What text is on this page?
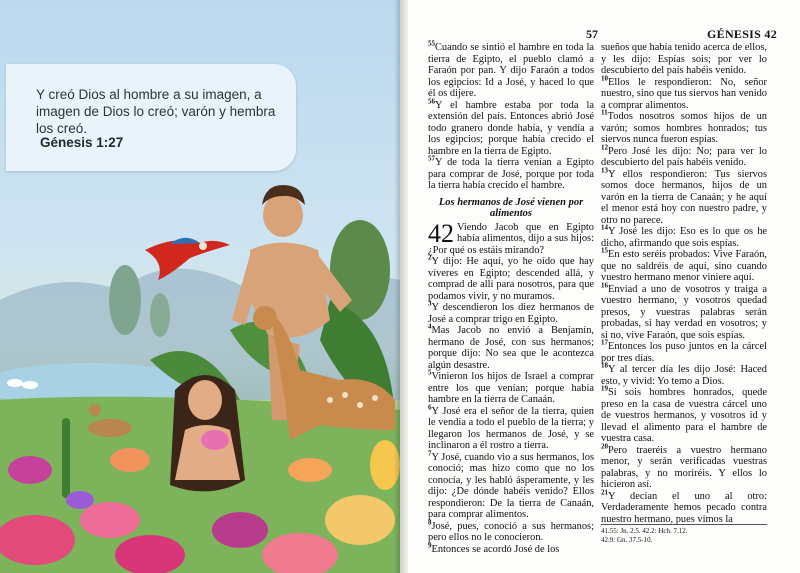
Y creó Dios al hombre a su imagen, a imagen de Dios lo creó; varón y hembra los creó.
Génesis 1:27
57	GÉNESIS 42

$^{55}$Cuando se sintió el hambre en toda la tierra de Egipto, el pueblo clamó a Faraón por pan. Y dijo Faraón a todos los egipcios: Id a José, y haced lo que él os dijere.

$^{56}$Y el hambre estaba por toda la extensión del país. Entonces abrió José todo granero donde había, y vendía a los egipcios; porque había crecido el hambre en la tierra de Egipto.

$^{57}$Y de toda la tierra venían a Egipto para comprar de José, porque por toda la tierra había crecido el hambre.

Los hermanos de José vienen por alimentos

42 Viendo Jacob que en Egipto había alimentos, dijo a sus hijos: ¿Por qué os estáis mirando?

$^2$Y dijo: He aquí, yo he oído que hay víveres en Egipto; descended allá, y comprad de allí para nosotros, para que podamos vivir, y no muramos.

$^3$Y descendieron los diez hermanos de José a comprar trigo en Egipto.

$^4$Mas Jacob no envió a Benjamín, hermano de José, con sus hermanos; porque dijo: No sea que le acontezca algún desastre.

$^5$Vinieron los hijos de Israel a comprar entre los que venían; porque había hambre en la tierra de Canaán.

$^6$Y José era el señor de la tierra, quien le vendía a todo el pueblo de la tierra; y llegaron los hermanos de José, y se inclinaron a él rostro a tierra.

$^7$Y José, cuando vio a sus hermanos, los conoció; mas hizo como que no los conocía, y les habló ásperamente, y les dijo: ¿De dónde habéis venido? Ellos respondieron: De la tierra de Canaán, para comprar alimentos.

$^8$José, pues, conoció a sus hermanos; pero ellos no le conocieron.

$^9$Entonces se acordó José de los

sueños que había tenido acerca de ellos, y les dijo: Espías sois; por ver lo descubierto del país habéis venido.

$^{10}$Ellos le respondieron: No, señor nuestro, sino que tus siervos han venido a comprar alimentos.

$^{11}$Todos nosotros somos hijos de un varón; somos hombres honrados; tus siervos nunca fueron espías.

$^{12}$Pero José les dijo: No; para ver lo descubierto del país habéis venido.

$^{13}$Y ellos respondieron: Tus siervos somos doce hermanos, hijos de un varón en la tierra de Canaán; y he aquí el menor está hoy con nuestro padre, y otro no parece.

$^{14}$Y José les dijo: Eso es lo que os he dicho, afirmando que sois espías.

$^{15}$En esto seréis probados: Vive Faraón, que no saldréis de aquí, sino cuando vuestro hermano menor viniere aquí.

$^{16}$Enviad a uno de vosotros y traiga a vuestro hermano, y vosotros quedad presos, y vuestras palabras serán probadas, si hay verdad en vosotros; y si no, vive Faraón, que sois espías.

$^{17}$Entonces los puso juntos en la cárcel por tres días.

$^{18}$Y al tercer día les dijo José: Haced esto, y vivid: Yo temo a Dios.

$^{19}$Si sois hombres honrados, quede preso en la casa de vuestra cárcel uno de vuestros hermanos, y vosotros id y llevad el alimento para el hambre de vuestra casa.

$^{20}$Pero traeréis a vuestro hermano menor, y serán verificadas vuestras palabras, y no moriréis. Y ellos lo hicieron así.

$^{21}$Y decían el uno al otro: Verdaderamente hemos pecado contra nuestro hermano, pues vimos la

41.55: Jn. 2.5. 42.2: Hch. 7.12.
42.9: Gn. 37.5-10.
